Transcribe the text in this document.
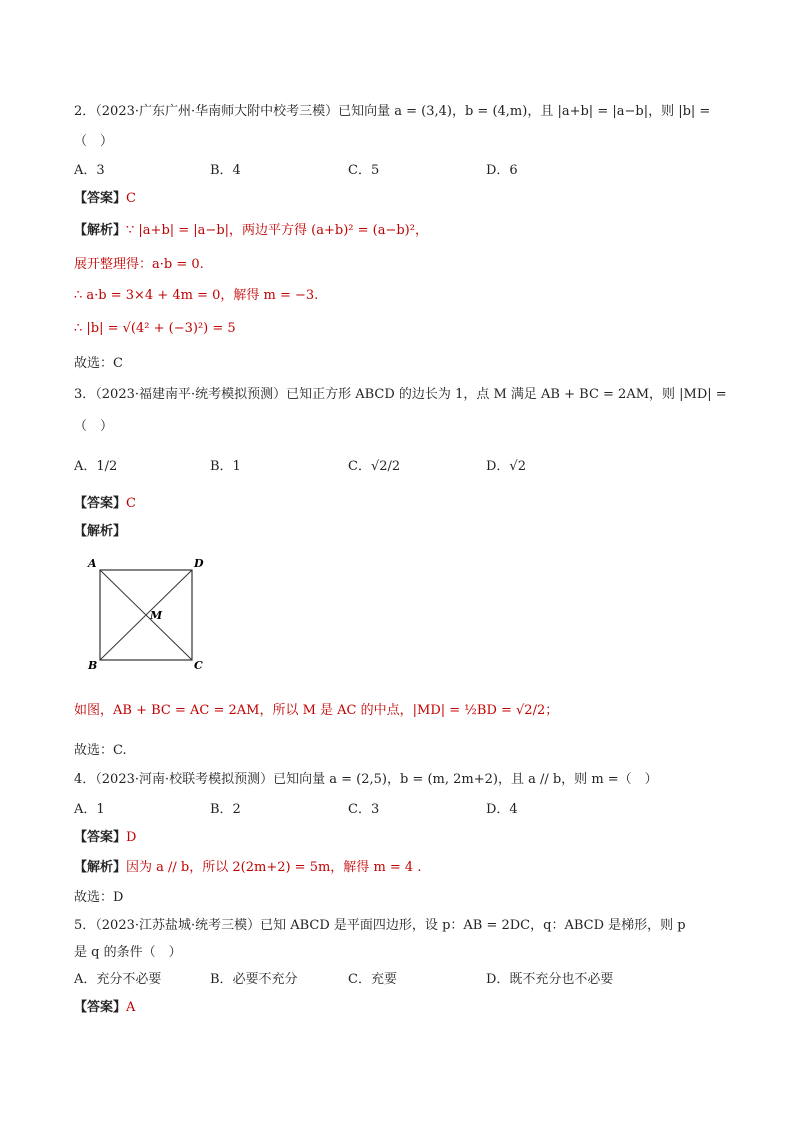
2．（2023·广东广州·华南师大附中校考三模）已知向量 a = (3,4)，b = (4,m)，且 |a+b| = |a−b|，则 |b| =
（　）
A．3	B．4	C．5	D．6
【答案】C
【解析】∵ |a+b| = |a−b|，两边平方得 (a+b)² = (a−b)²，
展开整理得：a·b = 0.
∴ a·b = 3×4 + 4m = 0，解得 m = −3.
∴ |b| = √(4² + (−3)²) = 5
故选：C
3．（2023·福建南平·统考模拟预测）已知正方形 ABCD 的边长为 1，点 M 满足 AB + BC = 2AM，则 |MD| =
（　）
A．1/2	B．1	C．√2/2	D．√2
【答案】C
【解析】
A	D
B	C
M
如图，AB + BC = AC = 2AM，所以 M 是 AC 的中点，|MD| = ½BD = √2/2；
故选：C.
4．（2023·河南·校联考模拟预测）已知向量 a = (2,5)，b = (m, 2m+2)，且 a // b，则 m =（　）
A．1	B．2	C．3	D．4
【答案】D
【解析】因为 a // b，所以 2(2m+2) = 5m，解得 m = 4 .
故选：D
5．（2023·江苏盐城·统考三模）已知 ABCD 是平面四边形，设 p：AB = 2DC，q：ABCD 是梯形，则 p
是 q 的条件（　）
A．充分不必要	B．必要不充分	C．充要	D．既不充分也不必要
【答案】A
